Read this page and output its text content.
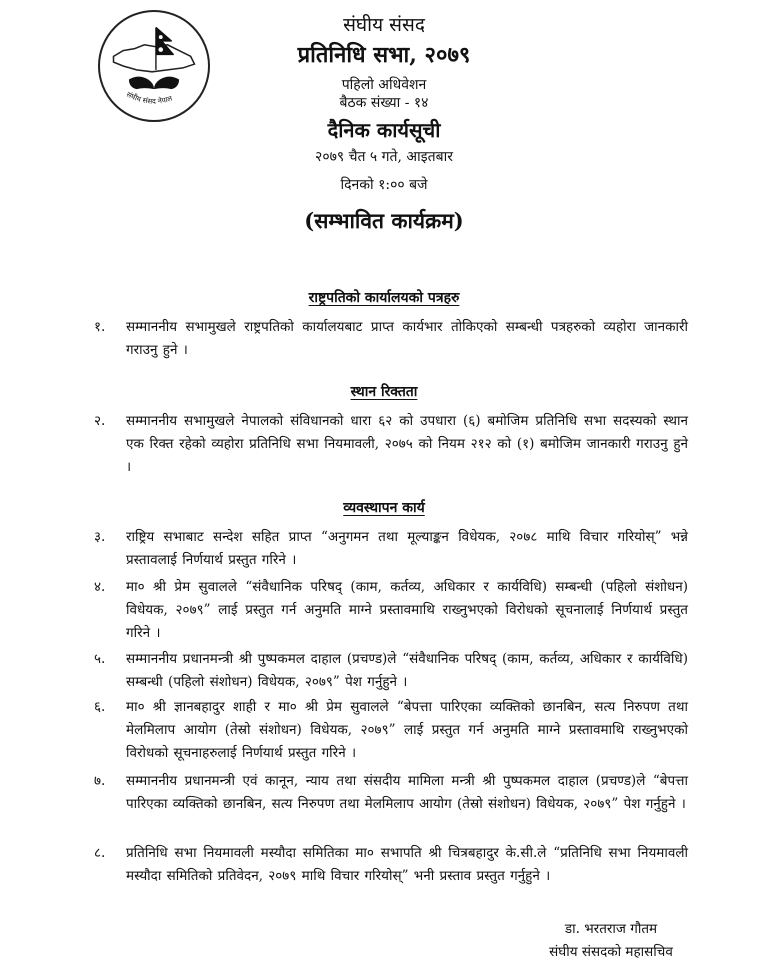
संघीय संसद नेपाल
संघीय संसद
प्रतिनिधि सभा, २०७९
पहिलो अधिवेशन
बैठक संख्या - १४
दैनिक कार्यसूची
२०७९ चैत ५ गते, आइतबार
दिनको १:०० बजे
(सम्भावित कार्यक्रम)
राष्ट्रपतिको कार्यालयको पत्रहरु
१.	सम्माननीय सभामुखले राष्ट्रपतिको कार्यालयबाट प्राप्त कार्यभार तोकिएको सम्बन्धी पत्रहरुको व्यहोरा जानकारी गराउनु हुने ।
स्थान रिक्तता
२.	सम्माननीय सभामुखले नेपालको संविधानको धारा ६२ को उपधारा (६) बमोजिम प्रतिनिधि सभा सदस्यको स्थान एक रिक्त रहेको व्यहोरा प्रतिनिधि सभा नियमावली, २०७५ को नियम २१२ को (१) बमोजिम जानकारी गराउनु हुने ।
व्यवस्थापन कार्य
३.	राष्ट्रिय सभाबाट सन्देश सहित प्राप्त “अनुगमन तथा मूल्याङ्कन विधेयक, २०७८ माथि विचार गरियोस्” भन्ने प्रस्तावलाई निर्णयार्थ प्रस्तुत गरिने ।
४.	मा० श्री प्रेम सुवालले “संवैधानिक परिषद् (काम, कर्तव्य, अधिकार र कार्यविधि) सम्बन्धी (पहिलो संशोधन) विधेयक, २०७९” लाई प्रस्तुत गर्न अनुमति माग्ने प्रस्तावमाथि राख्नुभएको विरोधको सूचनालाई निर्णयार्थ प्रस्तुत गरिने ।
५.	सम्माननीय प्रधानमन्त्री श्री पुष्पकमल दाहाल (प्रचण्ड)ले “संवैधानिक परिषद् (काम, कर्तव्य, अधिकार र कार्यविधि) सम्बन्धी (पहिलो संशोधन) विधेयक, २०७९” पेश गर्नुहुने ।
६.	मा० श्री ज्ञानबहादुर शाही र मा० श्री प्रेम सुवालले “बेपत्ता पारिएका व्यक्तिको छानबिन, सत्य निरुपण तथा मेलमिलाप आयोग (तेस्रो संशोधन) विधेयक, २०७९” लाई प्रस्तुत गर्न अनुमति माग्ने प्रस्तावमाथि राख्नुभएको विरोधको सूचनाहरुलाई निर्णयार्थ प्रस्तुत गरिने ।
७.	सम्माननीय प्रधानमन्त्री एवं कानून, न्याय तथा संसदीय मामिला मन्त्री श्री पुष्पकमल दाहाल (प्रचण्ड)ले “बेपत्ता पारिएका व्यक्तिको छानबिन, सत्य निरुपण तथा मेलमिलाप आयोग (तेस्रो संशोधन) विधेयक, २०७९” पेश गर्नुहुने ।
८.	प्रतिनिधि सभा नियमावली मस्यौदा समितिका मा० सभापति श्री चित्रबहादुर के.सी.ले “प्रतिनिधि सभा नियमावली मस्यौदा समितिको प्रतिवेदन, २०७९ माथि विचार गरियोस्” भनी प्रस्ताव प्रस्तुत गर्नुहुने ।
डा. भरतराज गौतम
संघीय संसदको महासचिव
